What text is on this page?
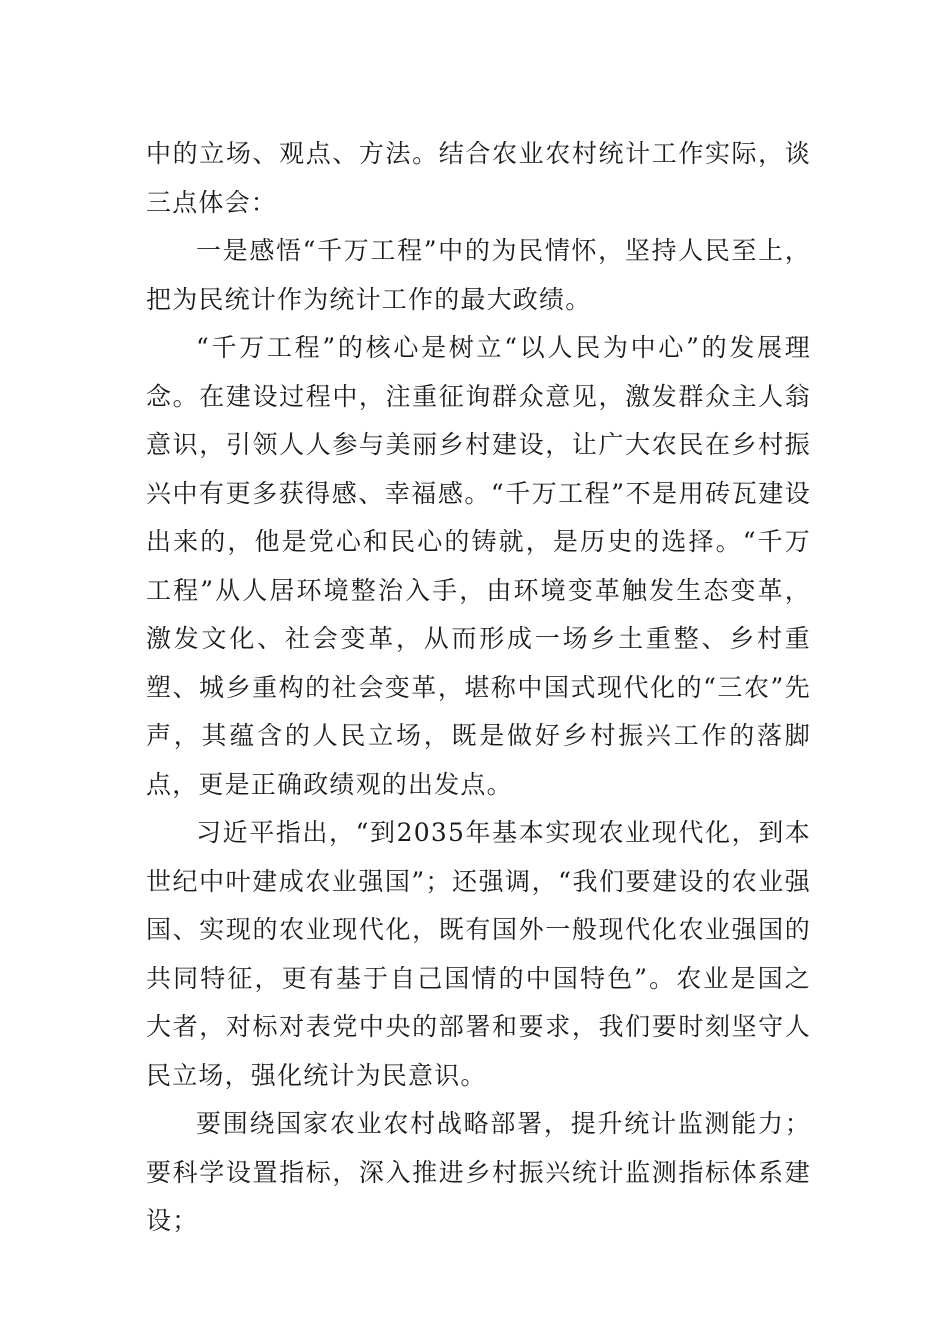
中的立场、观点、方法。结合农业农村统计工作实际，谈三点体会：

一是感悟“千万工程”中的为民情怀，坚持人民至上，把为民统计作为统计工作的最大政绩。

“千万工程”的核心是树立“以人民为中心”的发展理念。在建设过程中，注重征询群众意见，激发群众主人翁意识，引领人人参与美丽乡村建设，让广大农民在乡村振兴中有更多获得感、幸福感。“千万工程”不是用砖瓦建设出来的，他是党心和民心的铸就，是历史的选择。“千万工程”从人居环境整治入手，由环境变革触发生态变革，激发文化、社会变革，从而形成一场乡土重整、乡村重塑、城乡重构的社会变革，堪称中国式现代化的“三农”先声，其蕴含的人民立场，既是做好乡村振兴工作的落脚点，更是正确政绩观的出发点。

习近平指出，“到2035年基本实现农业现代化，到本世纪中叶建成农业强国”；还强调，“我们要建设的农业强国、实现的农业现代化，既有国外一般现代化农业强国的共同特征，更有基于自己国情的中国特色”。农业是国之大者，对标对表党中央的部署和要求，我们要时刻坚守人民立场，强化统计为民意识。

要围绕国家农业农村战略部署，提升统计监测能力；要科学设置指标，深入推进乡村振兴统计监测指标体系建设；
